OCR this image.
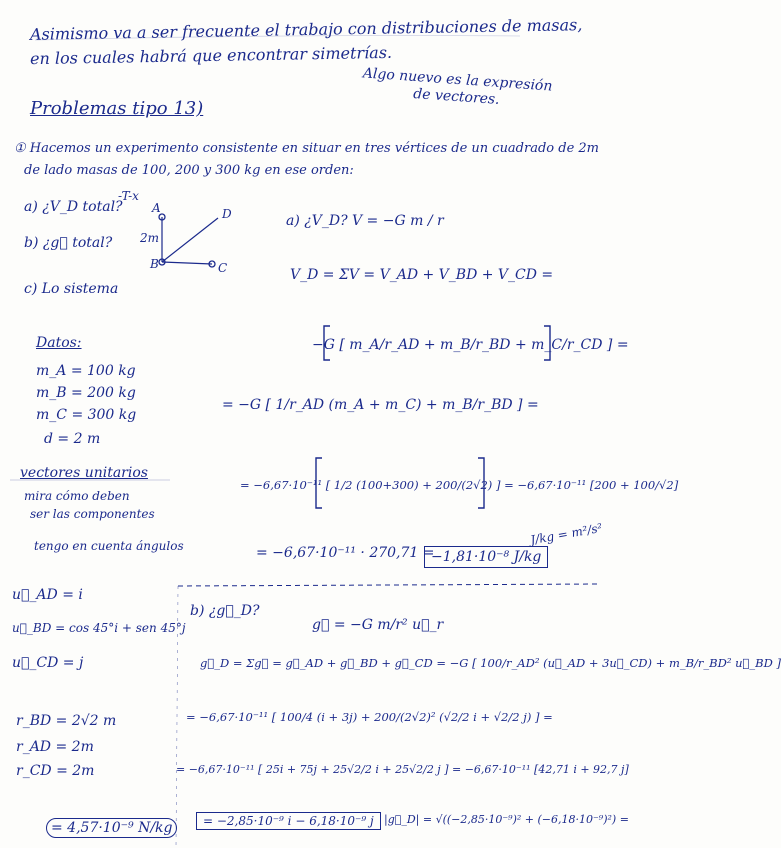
Asimismo va a ser frecuente el trabajo con distribuciones de masas,
en los cuales habrá que encontrar simetrías.
Algo nuevo es la expresión de vectores.
Problemas tipo 13)
① Hacemos un experimento consistente en situar en tres vértices de un cuadrado de 2m
de lado masas de 100, 200 y 300 kg en ese orden:
a) ¿V_D total?
b) ¿g⃗ total?
c) Lo sistema
-T-x
A	D
B	C
2m
Datos:
m_A = 100 kg
m_B = 200 kg
m_C = 300 kg
d = 2 m
vectores unitarios
mira cómo deben
ser las componentes
tengo en cuenta ángulos
u⃗_AD = i
u⃗_BD = cos 45°i + sen 45°j
u⃗_CD = j
r_BD = 2√2 m
r_AD = 2m
r_CD = 2m
= 4,57·10⁻⁹ N/kg
a) ¿V_D? V = −G m / r
V_D = ΣV = V_AD + V_BD + V_CD =
−G [ m_A/r_AD + m_B/r_BD + m_C/r_CD ] =
= −G [ 1/r_AD (m_A + m_C) + m_B/r_BD ] =
= −6,67·10⁻¹¹ [ 1/2 (100+300) + 200/(2√2) ] = −6,67·10⁻¹¹ [200 + 100/√2]
= −6,67·10⁻¹¹ · 270,71 =
−1,81·10⁻⁸ J/kg
J/kg = m²/s²
b) ¿g⃗_D?
g⃗ = −G m/r² u⃗_r
g⃗_D = Σg⃗ = g⃗_AD + g⃗_BD + g⃗_CD = −G [ 100/r_AD² (u⃗_AD + 3u⃗_CD) + m_B/r_BD² u⃗_BD ]
= −6,67·10⁻¹¹ [ 100/4 (i + 3j) + 200/(2√2)² (√2/2 i + √2/2 j) ] =
= −6,67·10⁻¹¹ [ 25i + 75j + 25√2/2 i + 25√2/2 j ] = −6,67·10⁻¹¹ [42,71 i + 92,7 j]
= −2,85·10⁻⁹ i − 6,18·10⁻⁹ j |g⃗_D| = √((−2,85·10⁻⁹)² + (−6,18·10⁻⁹)²) =
